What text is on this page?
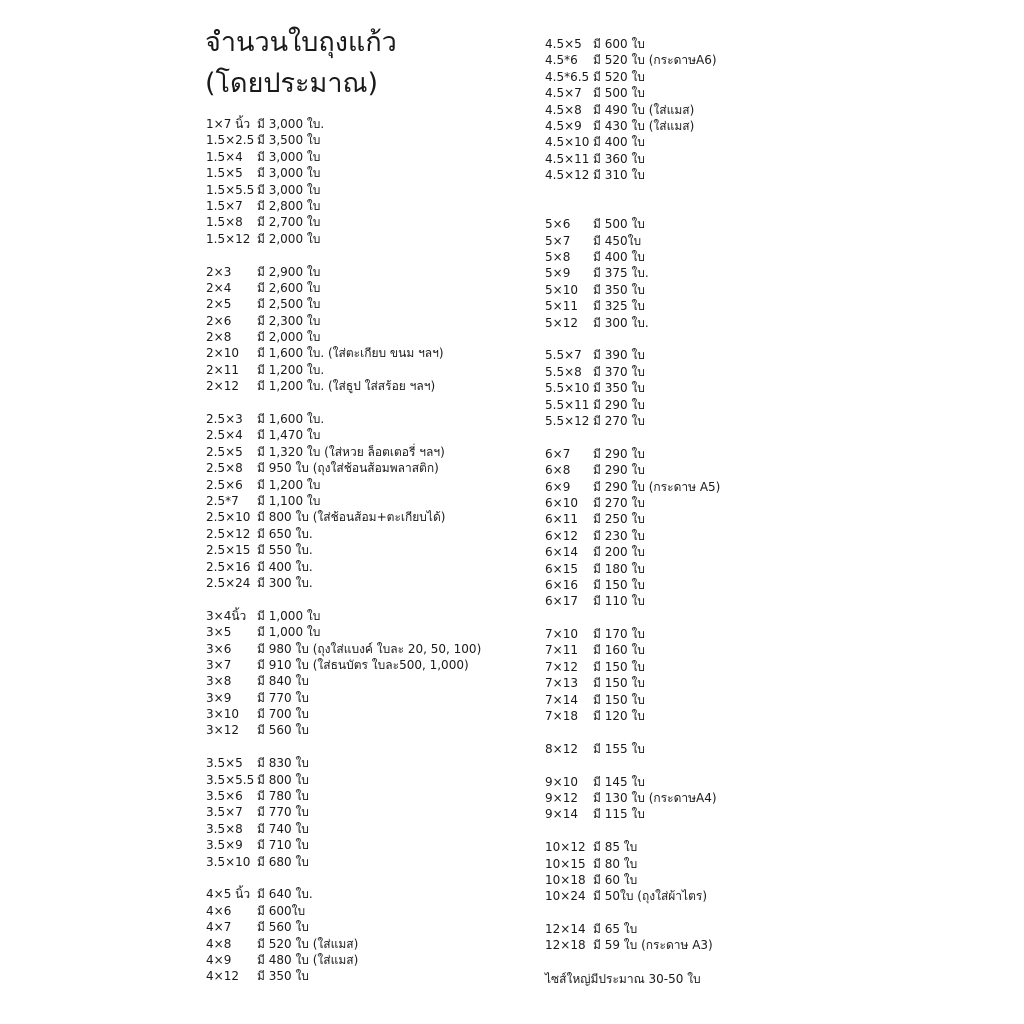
จำนวนใบถุงแก้ว
(โดยประมาณ)
1×7 นิ้ว มี 3,000 ใบ.
1.5×2.5 มี 3,500 ใบ
1.5×4	มี 3,000 ใบ
1.5×5	มี 3,000 ใบ
1.5×5.5 มี 3,000 ใบ
1.5×7	มี 2,800 ใบ
1.5×8	มี 2,700 ใบ
1.5×12 มี 2,000 ใบ
2×3	มี 2,900 ใบ
2×4	มี 2,600 ใบ
2×5	มี 2,500 ใบ
2×6	มี 2,300 ใบ
2×8	มี 2,000 ใบ
2×10	มี 1,600 ใบ. (ใส่ตะเกียบ ขนม ฯลฯ)
2×11	มี 1,200 ใบ.
2×12	มี 1,200 ใบ. (ใส่ธูป ใส่สร้อย ฯลฯ)
2.5×3	มี 1,600 ใบ.
2.5×4	มี 1,470 ใบ
2.5×5	มี 1,320 ใบ (ใส่หวย ล็อตเตอรี่ ฯลฯ)
2.5×8	มี 950 ใบ (ถุงใส่ช้อนส้อมพลาสติก)
2.5×6	มี 1,200 ใบ
2.5*7	มี 1,100 ใบ
2.5×10 มี 800 ใบ (ใส่ช้อนส้อม+ตะเกียบได้)
2.5×12 มี 650 ใบ.
2.5×15 มี 550 ใบ.
2.5×16 มี 400 ใบ.
2.5×24 มี 300 ใบ.
3×4นิ้ว มี 1,000 ใบ
3×5	มี 1,000 ใบ
3×6	มี 980 ใบ (ถุงใส่แบงค์ ใบละ 20, 50, 100)
3×7	มี 910 ใบ (ใส่ธนบัตร ใบละ500, 1,000)
3×8	มี 840 ใบ
3×9	มี 770 ใบ
3×10	มี 700 ใบ
3×12	มี 560 ใบ
3.5×5	มี 830 ใบ
3.5×5.5 มี 800 ใบ
3.5×6	มี 780 ใบ
3.5×7	มี 770 ใบ
3.5×8	มี 740 ใบ
3.5×9	มี 710 ใบ
3.5×10 มี 680 ใบ
4×5 นิ้ว มี 640 ใบ.
4×6	มี 600ใบ
4×7	มี 560 ใบ
4×8	มี 520 ใบ (ใส่แมส)
4×9	มี 480 ใบ (ใส่แมส)
4×12	มี 350 ใบ
4.5×5 มี 600 ใบ
4.5*6	มี 520 ใบ (กระดาษA6)
4.5*6.5 มี 520 ใบ
4.5×7 มี 500 ใบ
4.5×8 มี 490 ใบ (ใส่แมส)
4.5×9 มี 430 ใบ (ใส่แมส)
4.5×10 มี 400 ใบ
4.5×11 มี 360 ใบ
4.5×12 มี 310 ใบ
5×6	มี 500 ใบ
5×7	มี 450ใบ
5×8	มี 400 ใบ
5×9	มี 375 ใบ.
5×10	มี 350 ใบ
5×11	มี 325 ใบ
5×12	มี 300 ใบ.
5.5×7 มี 390 ใบ
5.5×8 มี 370 ใบ
5.5×10 มี 350 ใบ
5.5×11 มี 290 ใบ
5.5×12 มี 270 ใบ
6×7	มี 290 ใบ
6×8	มี 290 ใบ
6×9	มี 290 ใบ (กระดาษ A5)
6×10	มี 270 ใบ
6×11	มี 250 ใบ
6×12	มี 230 ใบ
6×14	มี 200 ใบ
6×15	มี 180 ใบ
6×16	มี 150 ใบ
6×17	มี 110 ใบ
7×10	มี 170 ใบ
7×11	มี 160 ใบ
7×12	มี 150 ใบ
7×13	มี 150 ใบ
7×14	มี 150 ใบ
7×18	มี 120 ใบ
8×12	มี 155 ใบ
9×10	มี 145 ใบ
9×12	มี 130 ใบ (กระดาษA4)
9×14	มี 115 ใบ
10×12 มี 85 ใบ
10×15 มี 80 ใบ
10×18 มี 60 ใบ
10×24 มี 50ใบ (ถุงใส่ผ้าไตร)
12×14 มี 65 ใบ
12×18 มี 59 ใบ (กระดาษ A3)
ไซส์ใหญ่มีประมาณ 30-50 ใบ
